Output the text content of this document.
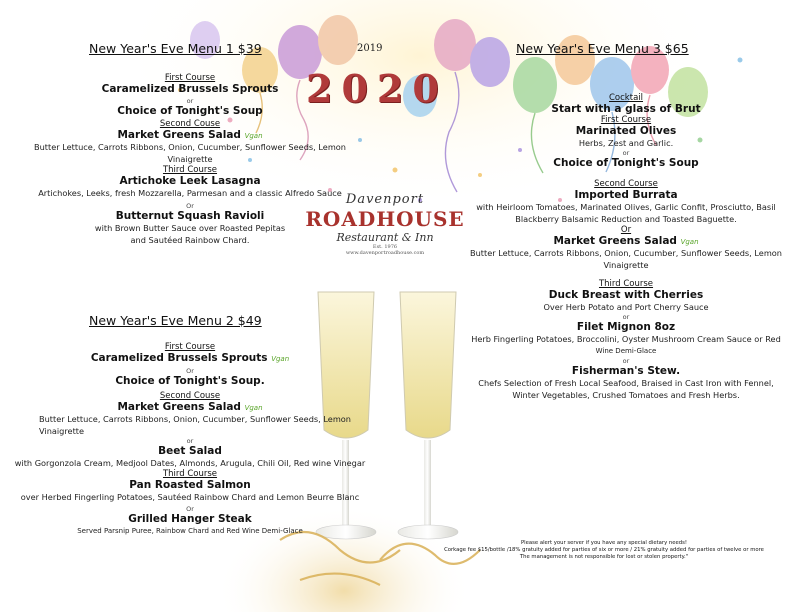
2019
2020
Davenport
ROADHOUSE
Restaurant & Inn
Est. 1976
www.davenportroadhouse.com
New Year's Eve Menu 1 $39
First Course
Caramelized Brussels Sprouts
or
Choice of Tonight's Soup
Second Couse
Market Greens Salad Vgan
Butter Lettuce, Carrots Ribbons, Onion, Cucumber, Sunflower Seeds, Lemon
Vinaigrette
Third Course
Artichoke Leek Lasagna
Artichokes, Leeks, fresh Mozzarella, Parmesan and a classic Alfredo Sauce
Or
Butternut Squash Ravioli
with Brown Butter Sauce over Roasted Pepitas
and Sautéed Rainbow Chard.
New Year's Eve Menu 2 $49
First Course
Caramelized Brussels Sprouts Vgan
Or
Choice of Tonight's Soup.
Second Couse
Market Greens Salad Vgan
Butter Lettuce, Carrots Ribbons, Onion, Cucumber, Sunflower Seeds, Lemon
Vinaigrette
or
Beet Salad
with Gorgonzola Cream, Medjool Dates, Almonds, Arugula, Chili Oil, Red wine Vinegar
Third Course
Pan Roasted Salmon
over Herbed Fingerling Potatoes, Sautéed Rainbow Chard and Lemon Beurre Blanc
Or
Grilled Hanger Steak
Served Parsnip Puree, Rainbow Chard and Red Wine Demi-Glace
New Year's Eve Menu 3 $65
Cocktail
Start with a glass of Brut
First Course
Marinated Olives
Herbs, Zest and Garlic.
or
Choice of Tonight's Soup
Second Course
Imported Burrata
with Heirloom Tomatoes, Marinated Olives, Garlic Confit, Prosciutto, Basil
Blackberry Balsamic Reduction and Toasted Baguette.
Or
Market Greens Salad Vgan
Butter Lettuce, Carrots Ribbons, Onion, Cucumber, Sunflower Seeds, Lemon
Vinaigrette
Third Course
Duck Breast with Cherries
Over Herb Potato and Port Cherry Sauce
or
Filet Mignon 8oz
Herb Fingerling Potatoes, Broccolini, Oyster Mushroom Cream Sauce or Red
Wine Demi-Glace
or
Fisherman's Stew.
Chefs Selection of Fresh Local Seafood, Braised in Cast Iron with Fennel,
Winter Vegetables, Crushed Tomatoes and Fresh Herbs.
Please alert your server if you have any special dietary needs!
Corkage fee $15/bottle /18% gratuity added for parties of six or more / 21% gratuity added for parties of twelve or more
The management is not responsible for lost or stolen property."
